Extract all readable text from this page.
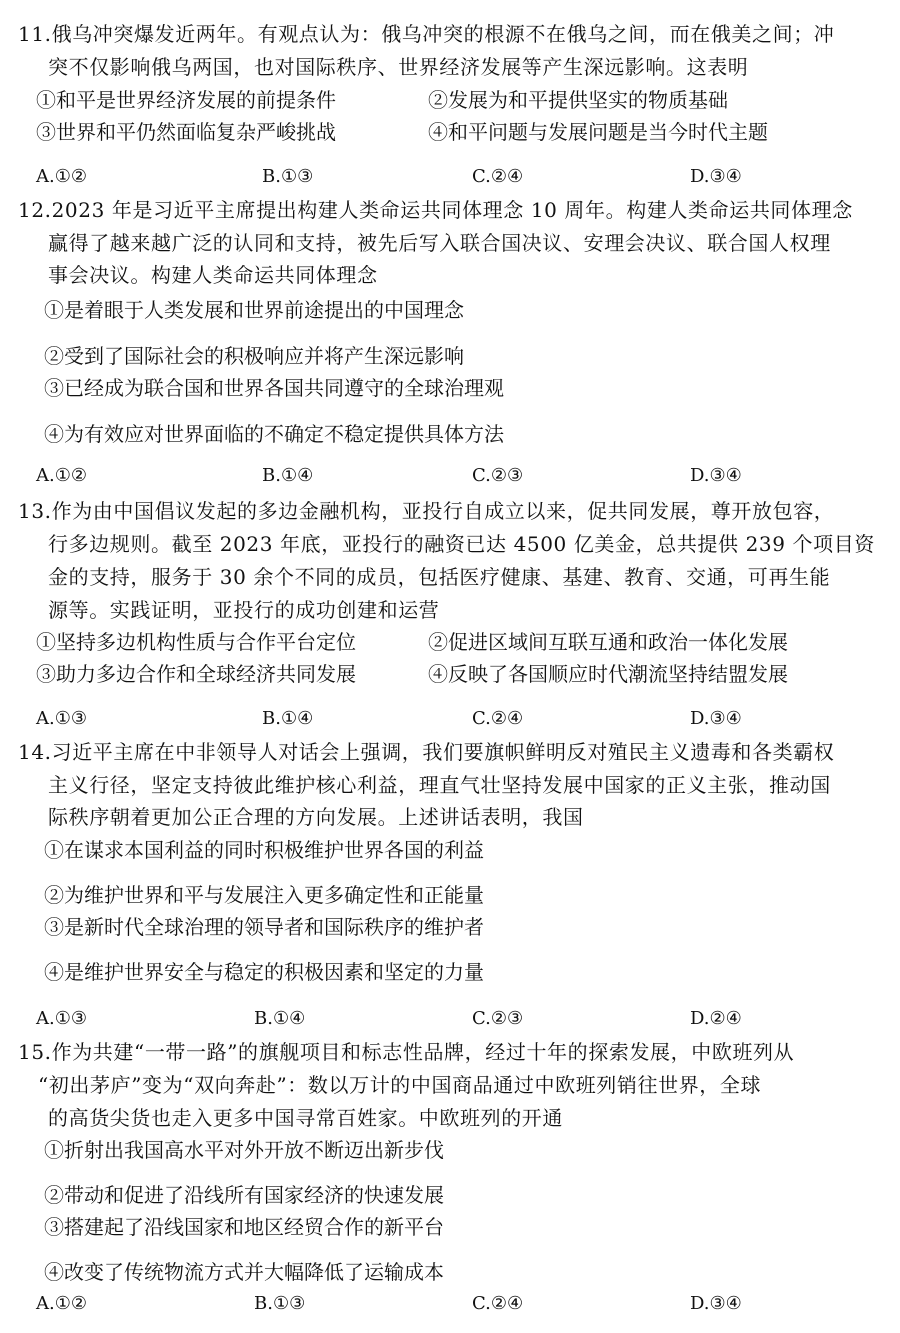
11.俄乌冲突爆发近两年。有观点认为：俄乌冲突的根源不在俄乌之间，而在俄美之间；冲
突不仅影响俄乌两国，也对国际秩序、世界经济发展等产生深远影响。这表明
①和平是世界经济发展的前提条件	②发展为和平提供坚实的物质基础
③世界和平仍然面临复杂严峻挑战	④和平问题与发展问题是当今时代主题
A.①②	B.①③	C.②④	D.③④
12.2023 年是习近平主席提出构建人类命运共同体理念 10 周年。构建人类命运共同体理念
赢得了越来越广泛的认同和支持，被先后写入联合国决议、安理会决议、联合国人权理
事会决议。构建人类命运共同体理念
①是着眼于人类发展和世界前途提出的中国理念
②受到了国际社会的积极响应并将产生深远影响
③已经成为联合国和世界各国共同遵守的全球治理观
④为有效应对世界面临的不确定不稳定提供具体方法
A.①②	B.①④	C.②③	D.③④
13.作为由中国倡议发起的多边金融机构，亚投行自成立以来，促共同发展，尊开放包容，
行多边规则。截至 2023 年底，亚投行的融资已达 4500 亿美金，总共提供 239 个项目资
金的支持，服务于 30 余个不同的成员，包括医疗健康、基建、教育、交通，可再生能
源等。实践证明，亚投行的成功创建和运营
①坚持多边机构性质与合作平台定位	②促进区域间互联互通和政治一体化发展
③助力多边合作和全球经济共同发展	④反映了各国顺应时代潮流坚持结盟发展
A.①③	B.①④	C.②④	D.③④
14.习近平主席在中非领导人对话会上强调，我们要旗帜鲜明反对殖民主义遗毒和各类霸权
主义行径，坚定支持彼此维护核心利益，理直气壮坚持发展中国家的正义主张，推动国
际秩序朝着更加公正合理的方向发展。上述讲话表明，我国
①在谋求本国利益的同时积极维护世界各国的利益
②为维护世界和平与发展注入更多确定性和正能量
③是新时代全球治理的领导者和国际秩序的维护者
④是维护世界安全与稳定的积极因素和坚定的力量
A.①③	B.①④	C.②③	D.②④
15.作为共建“一带一路”的旗舰项目和标志性品牌，经过十年的探索发展，中欧班列从
“初出茅庐”变为“双向奔赴”：数以万计的中国商品通过中欧班列销往世界，全球
的高货尖货也走入更多中国寻常百姓家。中欧班列的开通
①折射出我国高水平对外开放不断迈出新步伐
②带动和促进了沿线所有国家经济的快速发展
③搭建起了沿线国家和地区经贸合作的新平台
④改变了传统物流方式并大幅降低了运输成本
A.①②	B.①③	C.②④	D.③④
